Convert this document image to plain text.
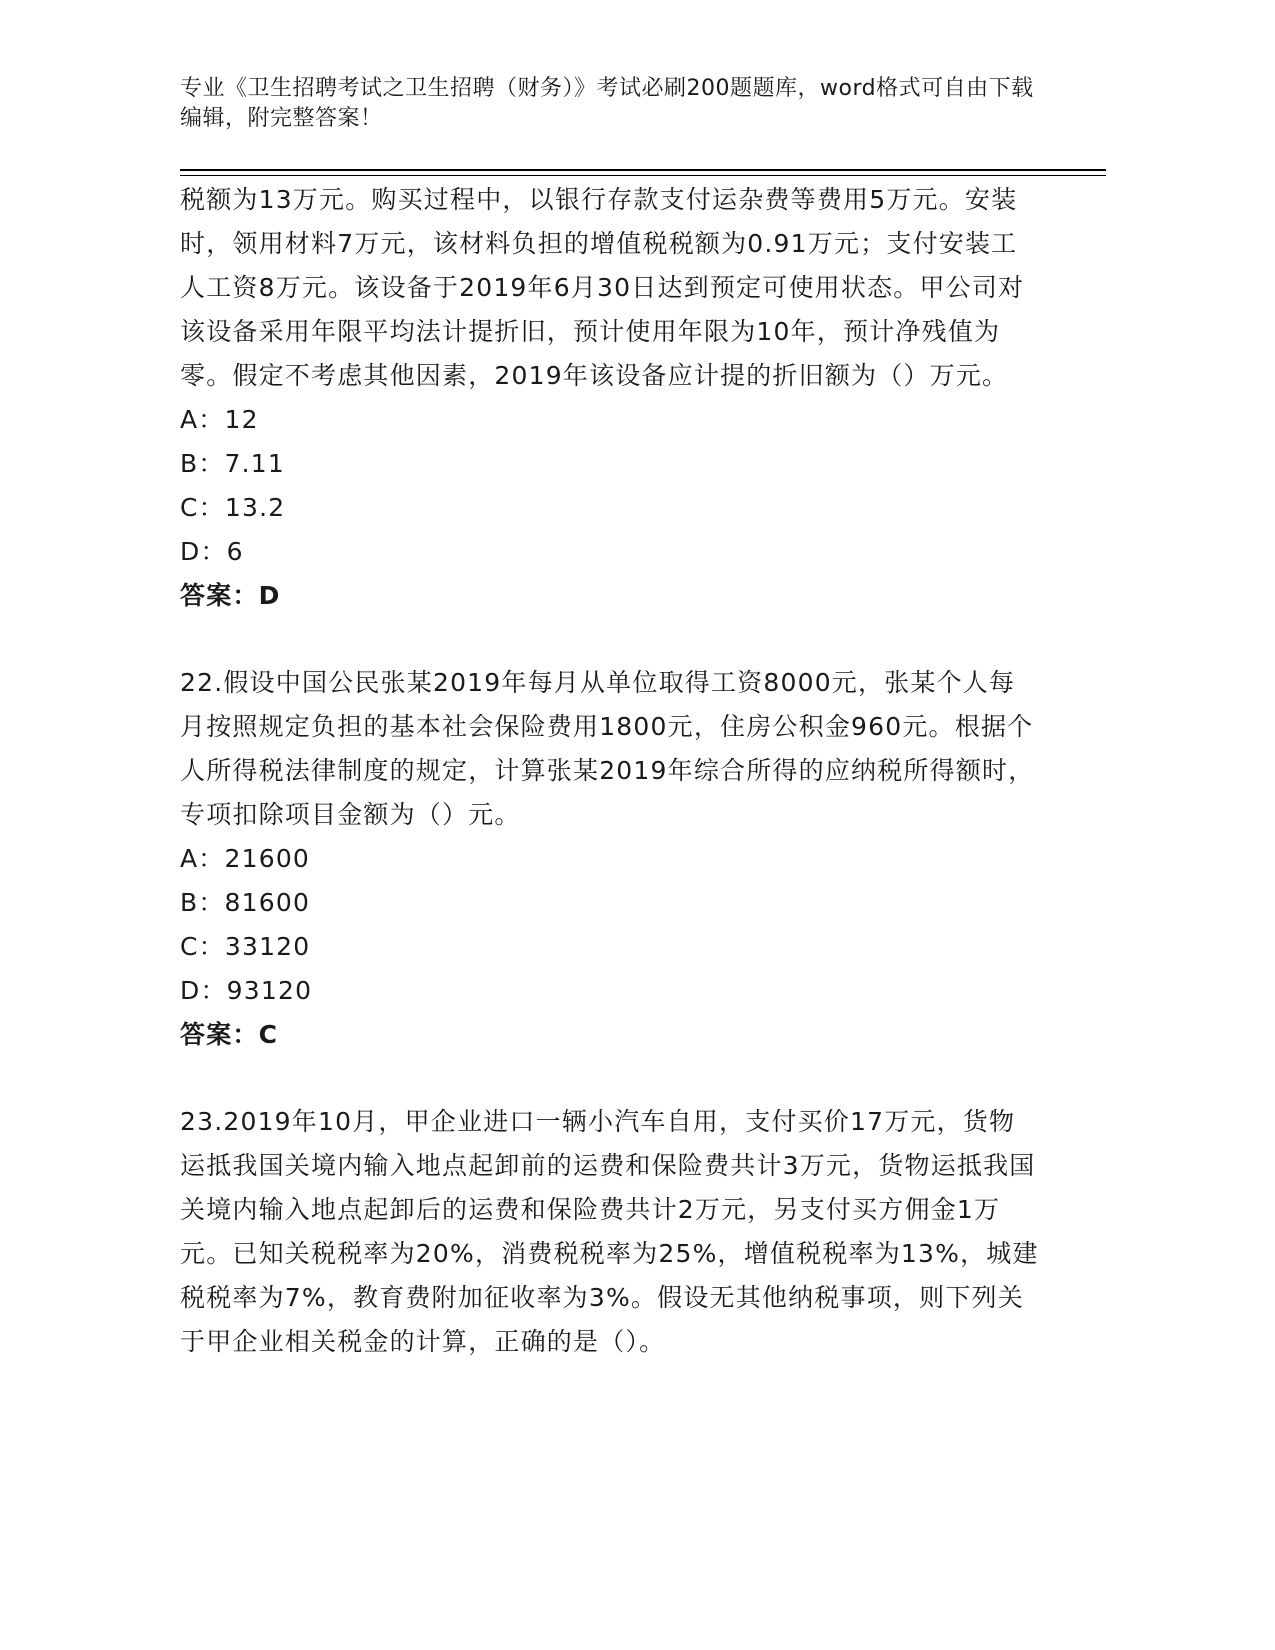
专业《卫生招聘考试之卫生招聘（财务）》考试必刷200题题库，word格式可自由下载编辑，附完整答案！

税额为13万元。购买过程中，以银行存款支付运杂费等费用5万元。安装时，领用材料7万元，该材料负担的增值税税额为0.91万元；支付安装工人工资8万元。该设备于2019年6月30日达到预定可使用状态。甲公司对该设备采用年限平均法计提折旧，预计使用年限为10年，预计净残值为零。假定不考虑其他因素，2019年该设备应计提的折旧额为（）万元。

A：12

B：7.11

C：13.2

D：6

答案：D

22.假设中国公民张某2019年每月从单位取得工资8000元，张某个人每月按照规定负担的基本社会保险费用1800元，住房公积金960元。根据个人所得税法律制度的规定，计算张某2019年综合所得的应纳税所得额时，专项扣除项目金额为（）元。

A：21600

B：81600

C：33120

D：93120

答案：C

23.2019年10月，甲企业进口一辆小汽车自用，支付买价17万元，货物运抵我国关境内输入地点起卸前的运费和保险费共计3万元，货物运抵我国关境内输入地点起卸后的运费和保险费共计2万元，另支付买方佣金1万元。已知关税税率为20%，消费税税率为25%，增值税税率为13%，城建税税率为7%，教育费附加征收率为3%。假设无其他纳税事项，则下列关于甲企业相关税金的计算，正确的是（）。
